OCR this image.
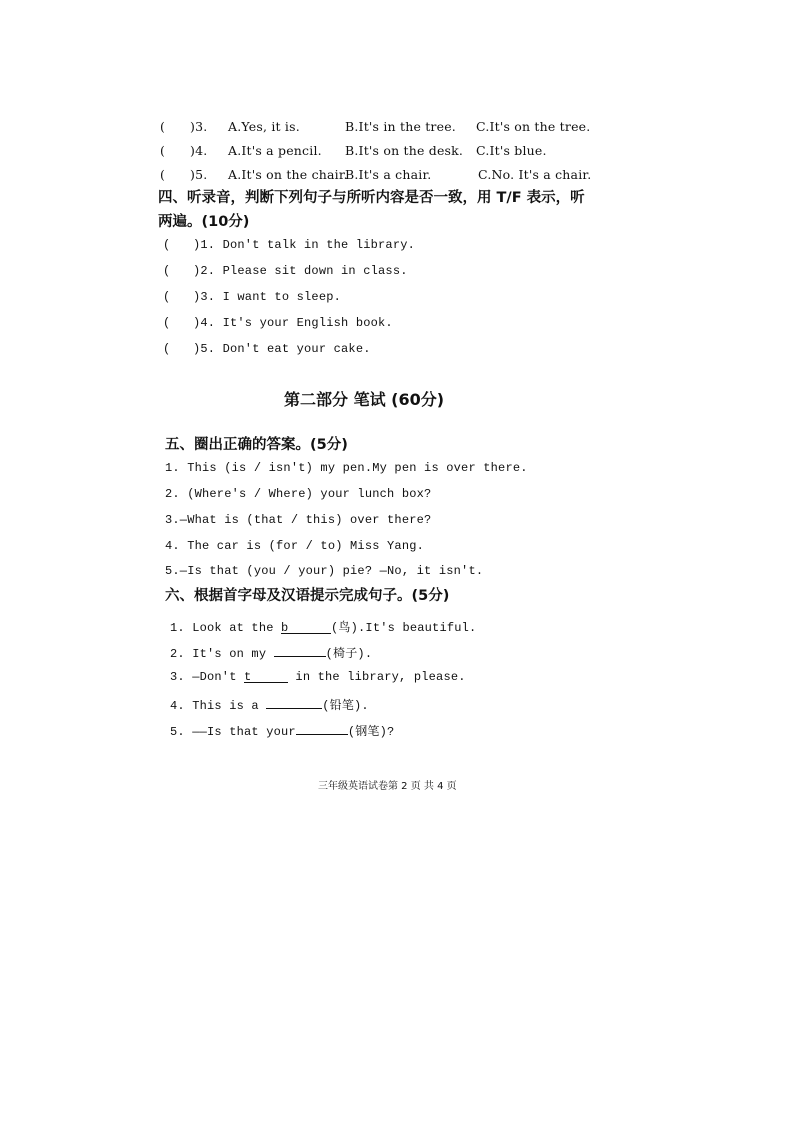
( )3. A.Yes, it is.	B.It's in the tree. C.It's on the tree.
( )4. A.It's a pencil. B.It's on the desk. C.It's blue.
( )5. A.It's on the chair.
B.It's a chair.	C.No. It's a chair.
四、听录音，判断下列句子与所听内容是否一致，用 T/F 表示，听
两遍。(10分)
( )1. Don't talk in the library.
( )2. Please sit down in class.
( )3. I want to sleep.
( )4. It's your English book.
( )5. Don't eat your cake.
第二部分 笔试 (60分)
五、圈出正确的答案。(5分)
1. This (is / isn't) my pen.My pen is over there.
2. (Where's / Where) your lunch box?
3.—What is (that / this) over there?
4. The car is (for / to) Miss Yang.
5.—Is that (you / your) pie? —No, it isn't.
六、根据首字母及汉语提示完成句子。(5分)
1. Look at the b	(鸟).It's beautiful.
2. It's on my	(椅子).
3. —Don't t	in the library, please.
4. This is a	(铅笔).
5. ——Is that your	(钢笔)?
三年级英语试卷第 2 页 共 4 页
